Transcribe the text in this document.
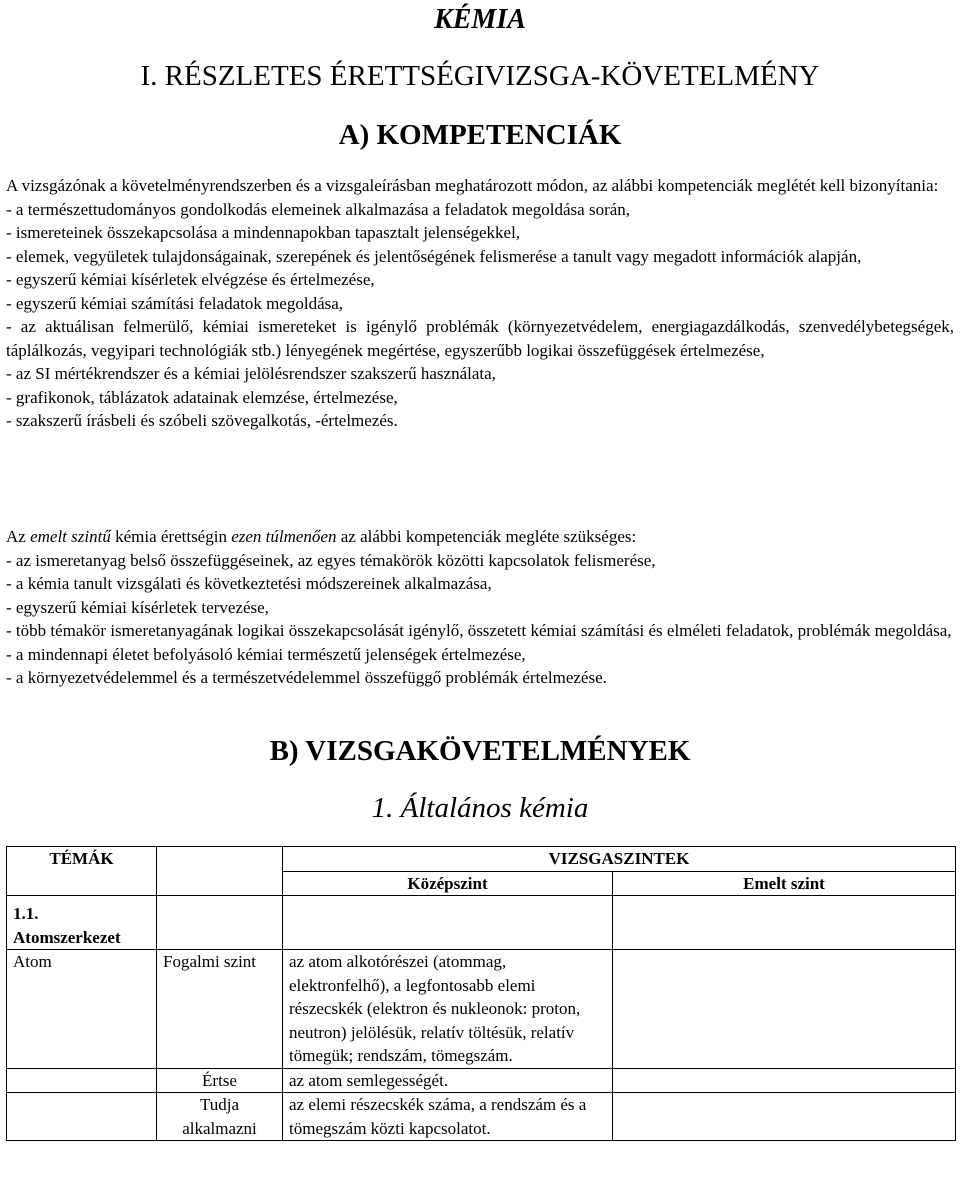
KÉMIA
I. RÉSZLETES ÉRETTSÉGIVIZSGA-KÖVETELMÉNY
A) KOMPETENCIÁK

A vizsgázónak a követelményrendszerben és a vizsgaleírásban meghatározott módon, az alábbi kompetenciák meglétét kell bizonyítania:

- a természettudományos gondolkodás elemeinek alkalmazása a feladatok megoldása során,

- ismereteinek összekapcsolása a mindennapokban tapasztalt jelenségekkel,

- elemek, vegyületek tulajdonságainak, szerepének és jelentőségének felismerése a tanult vagy megadott információk alapján,

- egyszerű kémiai kísérletek elvégzése és értelmezése,

- egyszerű kémiai számítási feladatok megoldása,

- az aktuálisan felmerülő, kémiai ismereteket is igénylő problémák (környezetvédelem, energiagazdálkodás, szenvedélybetegségek, táplálkozás, vegyipari technológiák stb.) lényegének megértése, egyszerűbb logikai összefüggések értelmezése,

- az SI mértékrendszer és a kémiai jelölésrendszer szakszerű használata,

- grafikonok, táblázatok adatainak elemzése, értelmezése,

- szakszerű írásbeli és szóbeli szövegalkotás, -értelmezés.

Az emelt szintű kémia érettségin ezen túlmenően az alábbi kompetenciák megléte szükséges:

- az ismeretanyag belső összefüggéseinek, az egyes témakörök közötti kapcsolatok felismerése,

- a kémia tanult vizsgálati és következtetési módszereinek alkalmazása,

- egyszerű kémiai kísérletek tervezése,

- több témakör ismeretanyagának logikai összekapcsolását igénylő, összetett kémiai számítási és elméleti feladatok, problémák megoldása,

- a mindennapi életet befolyásoló kémiai természetű jelenségek értelmezése,

- a környezetvédelemmel és a természetvédelemmel összefüggő problémák értelmezése.

B) VIZSGAKÖVETELMÉNYEK
1. Általános kémia
TÉMÁK		VIZSGASZINTEK	
		Középszint	Emelt szint

1.1.
Atomszerkezet			

Atom	Fogalmi szint	az atom alkotórészei (atommag, elektronfelhő), a legfontosabb elemi részecskék (elektron és nukleonok: proton, neutron) jelölésük, relatív töltésük, relatív tömegük; rendszám, tömegszám.	
	Értse	az atom semlegességét.	
	Tudja alkalmazni	az elemi részecskék száma, a rendszám és a tömegszám közti kapcsolatot.	
